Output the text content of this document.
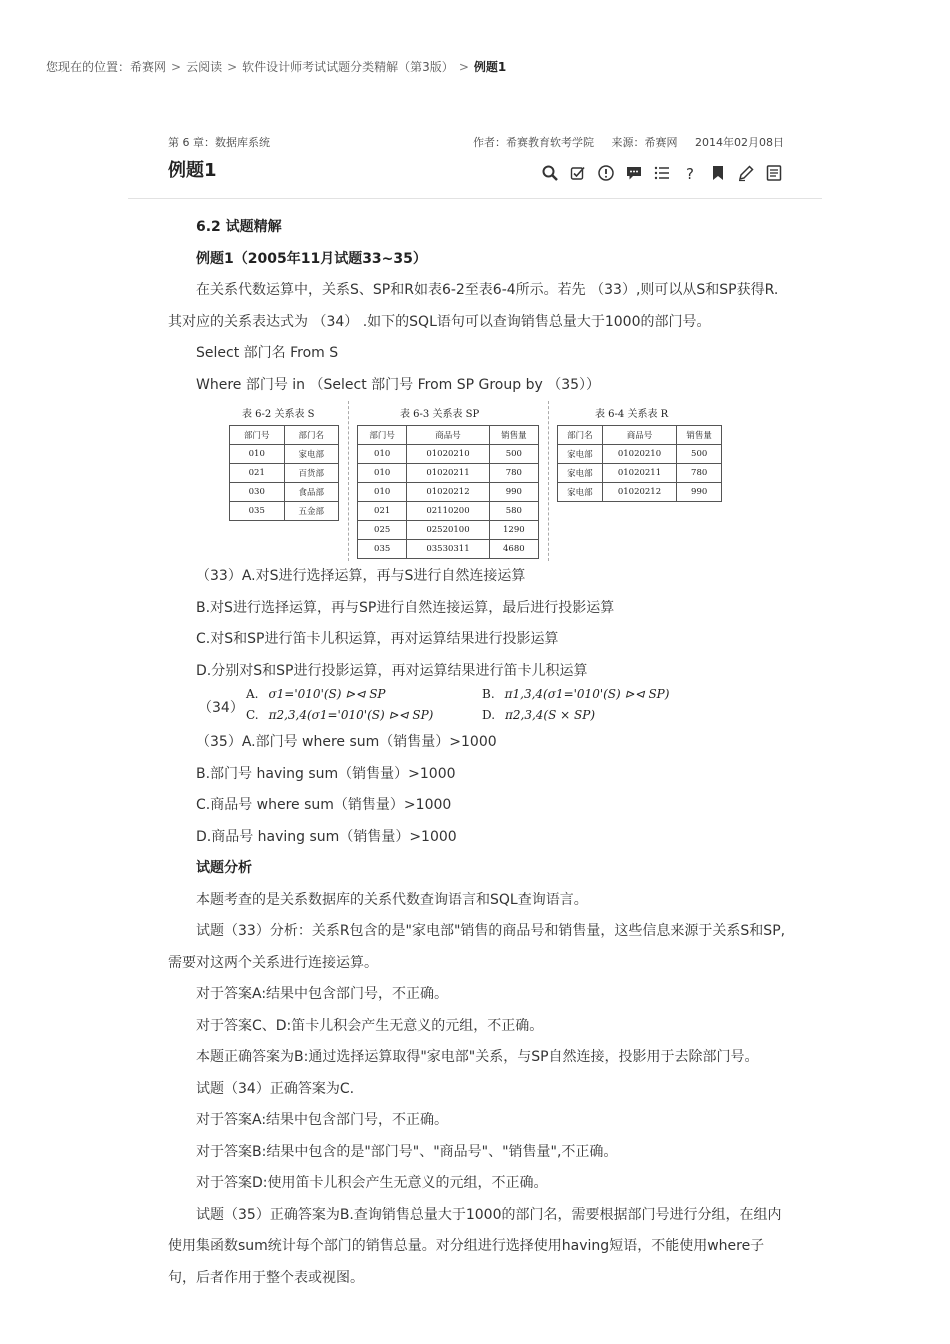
您现在的位置：希赛网 > 云阅读 > 软件设计师考试试题分类精解（第3版） > 例题1
第 6 章：数据库系统	作者：希赛教育软考学院 来源：希赛网 2014年02月08日
例题1	?
6.2 试题精解
例题1（2005年11月试题33~35）
在关系代数运算中，关系S、SP和R如表6-2至表6-4所示。若先 （33）,则可以从S和SP获得R.
其对应的关系表达式为 （34） .如下的SQL语句可以查询销售总量大于1000的部门号。
Select 部门名 From S
Where 部门号 in （Select 部门号 From SP Group by （35））
表 6-2 关系表 S
部门号	部门名
010	家电部
021	百货部
030	食品部
035	五金部
表 6-3 关系表 SP
部门号	商品号	销售量
010	01020210	500
010	01020211	780
010	01020212	990
021	02110200	580
025	02520100	1290
035	03530311	4680
表 6-4 关系表 R
部门名	商品号	销售量
家电部	01020210	500
家电部	01020211	780
家电部	01020212	990
（33）A.对S进行选择运算，再与S进行自然连接运算
B.对S进行选择运算，再与SP进行自然连接运算，最后进行投影运算
C.对S和SP进行笛卡儿积运算，再对运算结果进行投影运算
D.分别对S和SP进行投影运算，再对运算结果进行笛卡儿积运算
（34）
A. σ1='010'(S) ⊳⊲ SP	B. π1,3,4(σ1='010'(S) ⊳⊲ SP)
C. π2,3,4(σ1='010'(S) ⊳⊲ SP)	D. π2,3,4(S × SP)
（35）A.部门号 where sum（销售量）>1000
B.部门号 having sum（销售量）>1000
C.商品号 where sum（销售量）>1000
D.商品号 having sum（销售量）>1000
试题分析
本题考查的是关系数据库的关系代数查询语言和SQL查询语言。
试题（33）分析：关系R包含的是"家电部"销售的商品号和销售量，这些信息来源于关系S和SP,
需要对这两个关系进行连接运算。
对于答案A:结果中包含部门号，不正确。
对于答案C、D:笛卡儿积会产生无意义的元组，不正确。
本题正确答案为B:通过选择运算取得"家电部"关系，与SP自然连接，投影用于去除部门号。
试题（34）正确答案为C.
对于答案A:结果中包含部门号，不正确。
对于答案B:结果中包含的是"部门号"、"商品号"、"销售量",不正确。
对于答案D:使用笛卡儿积会产生无意义的元组，不正确。
试题（35）正确答案为B.查询销售总量大于1000的部门名，需要根据部门号进行分组，在组内
使用集函数sum统计每个部门的销售总量。对分组进行选择使用having短语，不能使用where子
句，后者作用于整个表或视图。
